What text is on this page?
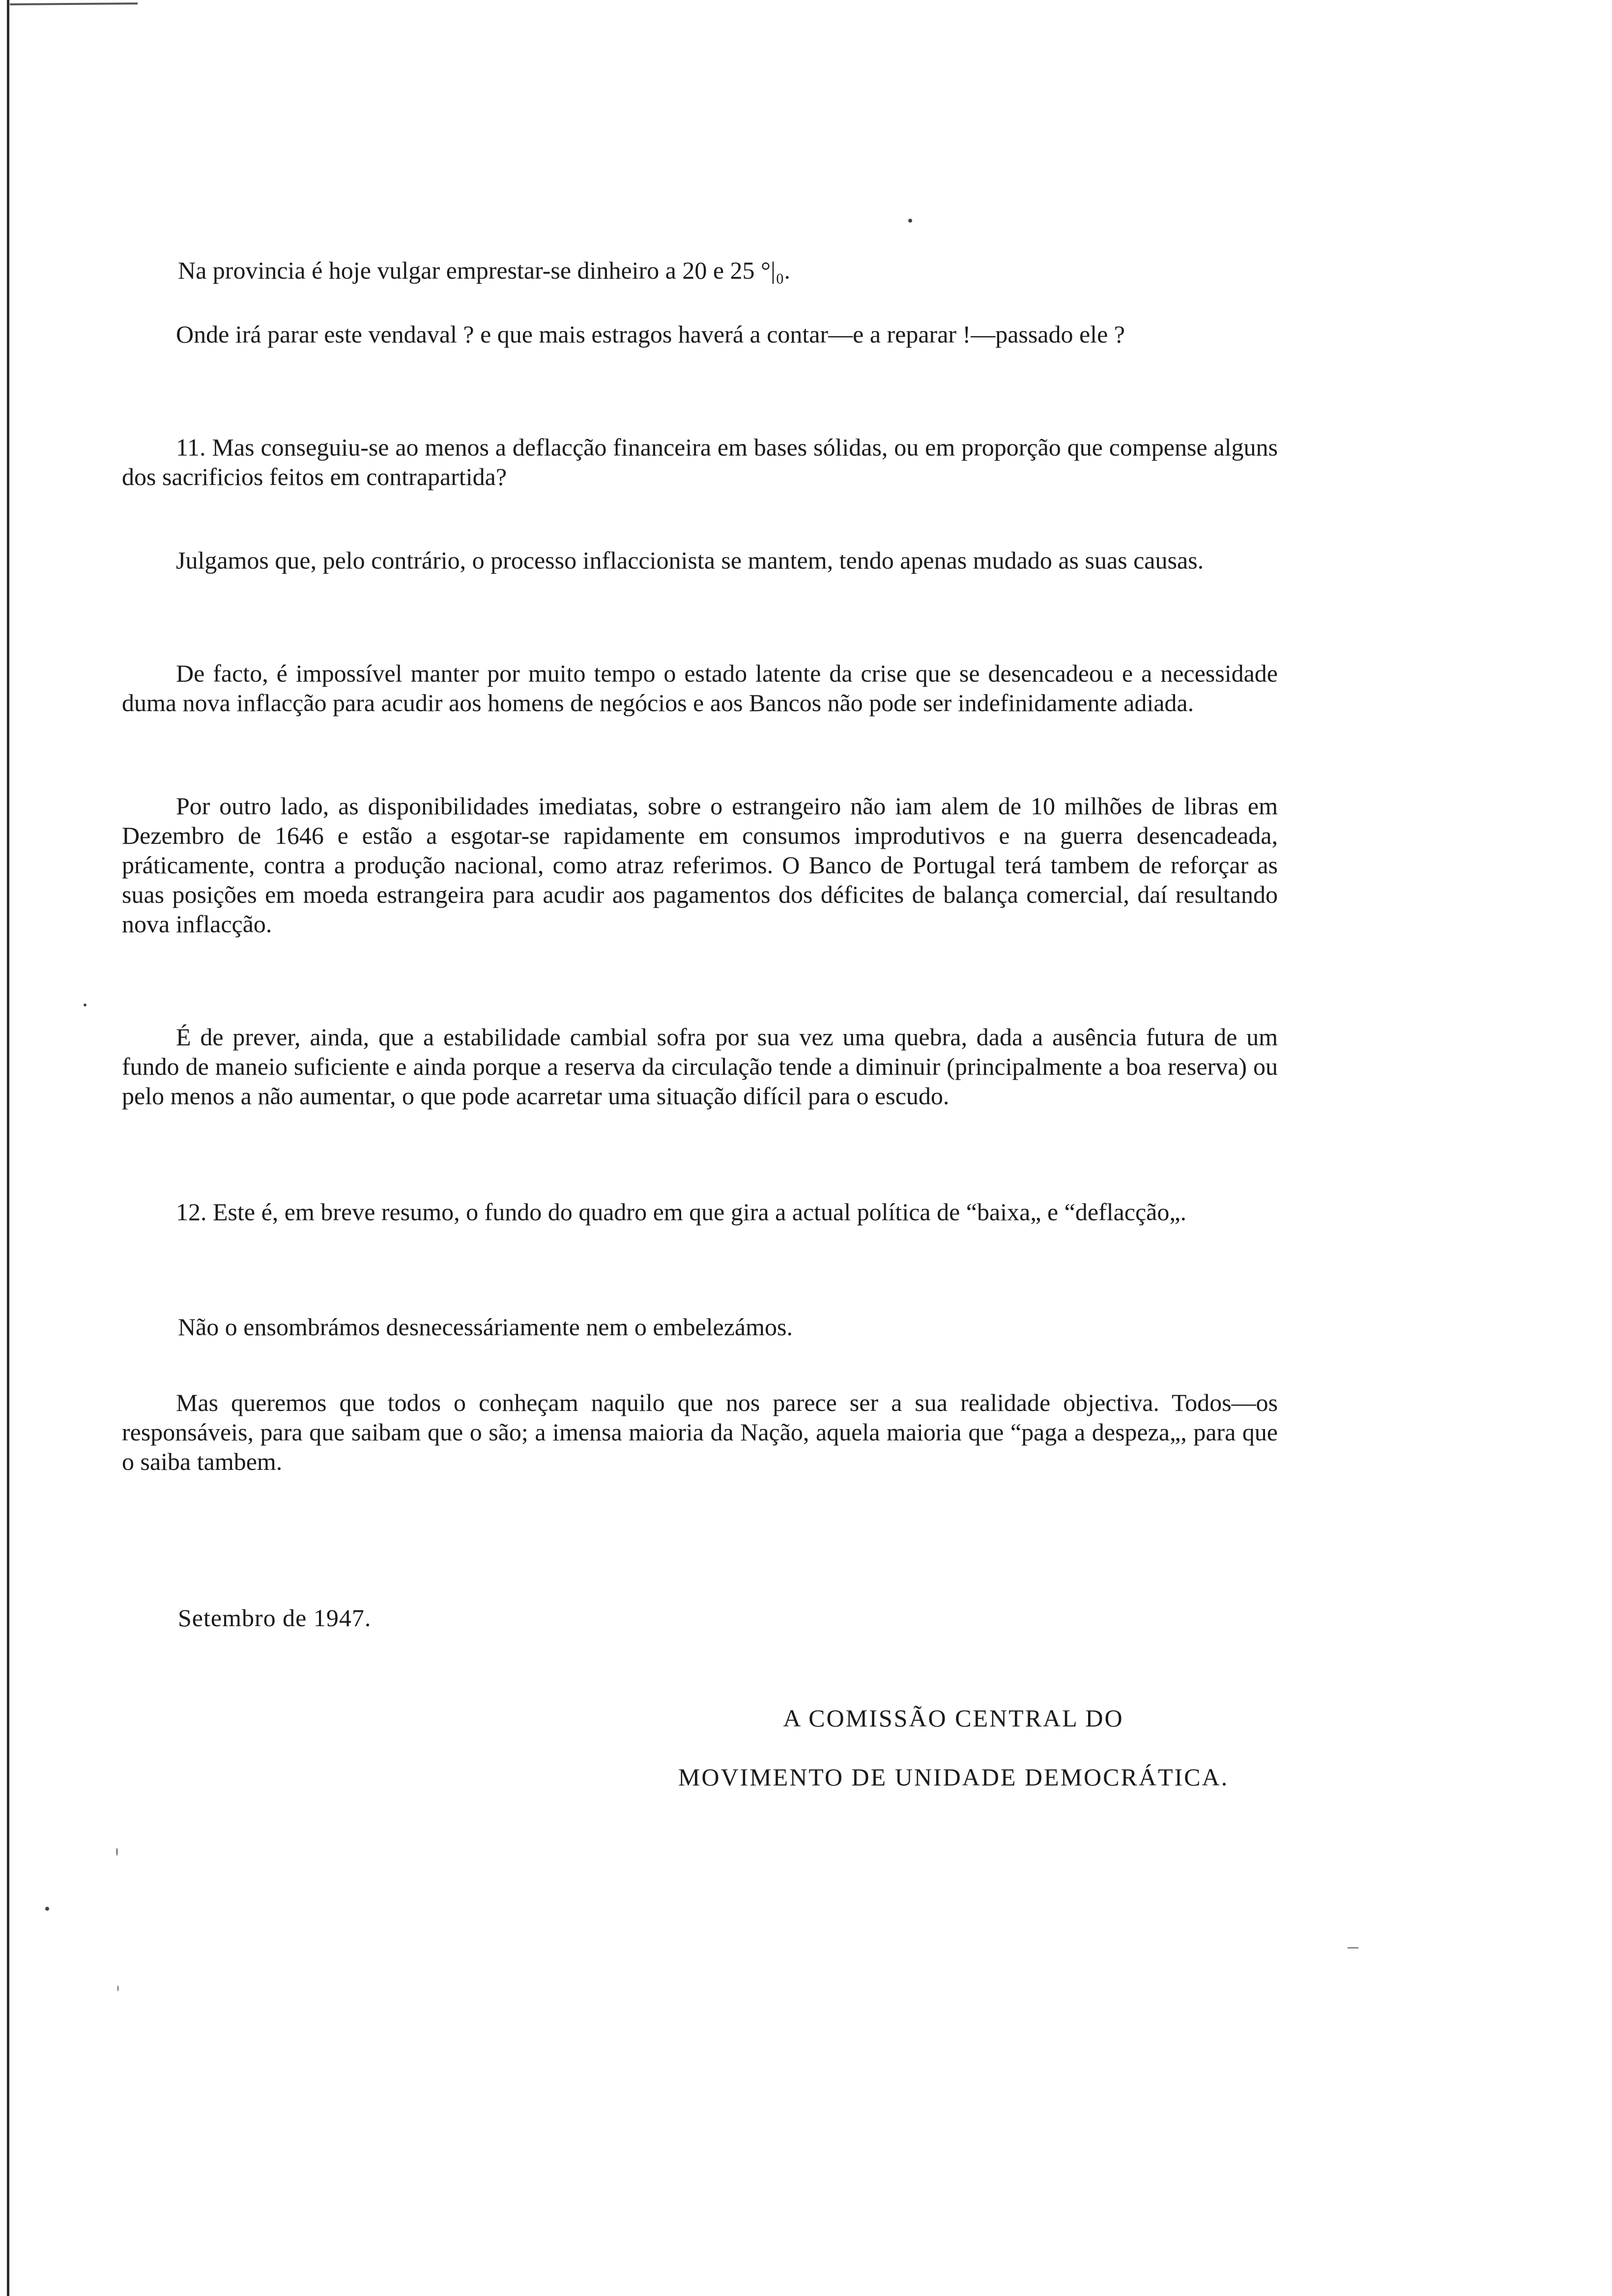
Na provincia é hoje vulgar emprestar-se dinheiro a 20 e 25 °|₀.

Onde irá parar este vendaval ? e que mais estragos haverá a contar—e a reparar !—passado ele ?

11. Mas conseguiu-se ao menos a deflacção financeira em bases sólidas, ou em proporção que compense alguns dos sacrificios feitos em contrapartida?

Julgamos que, pelo contrário, o processo inflaccionista se mantem, tendo apenas mudado as suas causas.

De facto, é impossível manter por muito tempo o estado latente da crise que se desencadeou e a necessidade duma nova inflacção para acudir aos homens de negócios e aos Bancos não pode ser indefinidamente adiada.

Por outro lado, as disponibilidades imediatas, sobre o estrangeiro não iam alem de 10 milhões de libras em Dezembro de 1646 e estão a esgotar-se rapidamente em consumos improdutivos e na guerra desencadeada, práticamente, contra a produção nacional, como atraz referimos. O Banco de Portugal terá tambem de reforçar as suas posições em moeda estrangeira para acudir aos pagamentos dos déficites de balança comercial, daí resultando nova inflacção.

É de prever, ainda, que a estabilidade cambial sofra por sua vez uma quebra, dada a ausência futura de um fundo de maneio suficiente e ainda porque a reserva da circulação tende a diminuir (principalmente a boa reserva) ou pelo menos a não aumentar, o que pode acarretar uma situação difícil para o escudo.

12. Este é, em breve resumo, o fundo do quadro em que gira a actual política de “baixa„ e “deflacção„.

Não o ensombrámos desnecessáriamente nem o embelezámos.

Mas queremos que todos o conheçam naquilo que nos parece ser a sua realidade objectiva. Todos—os responsáveis, para que saibam que o são; a imensa maioria da Nação, aquela maioria que “paga a despeza„, para que o saiba tambem.

Setembro de 1947.

A COMISSÃO CENTRAL DO

MOVIMENTO DE UNIDADE DEMOCRÁTICA.
